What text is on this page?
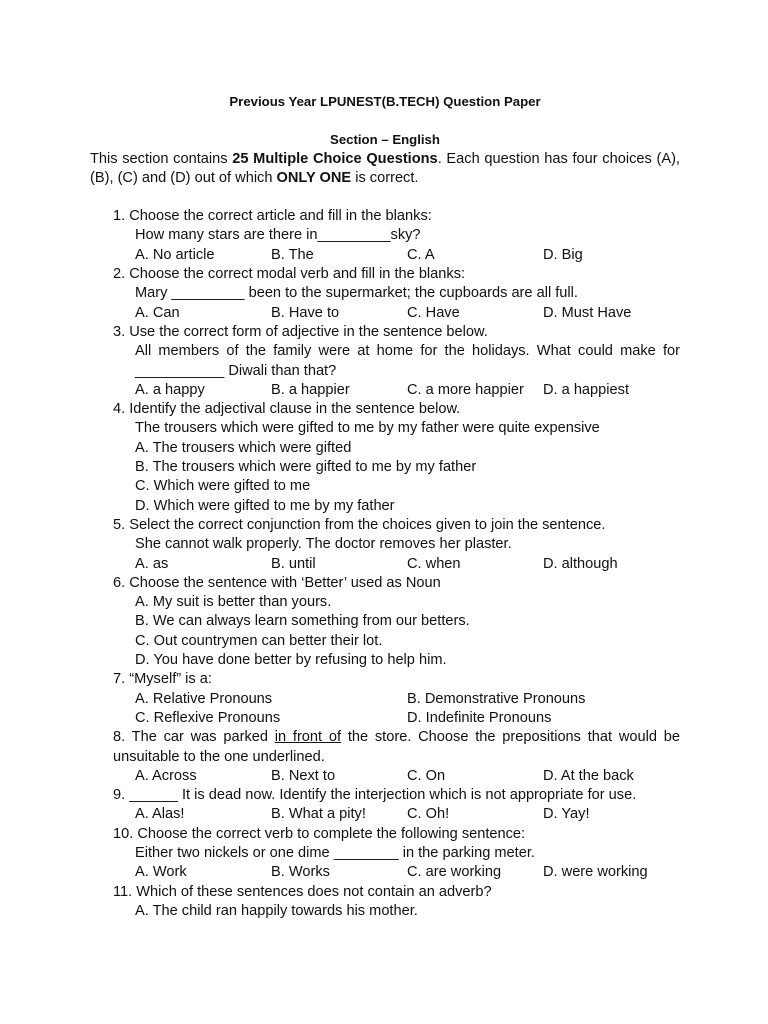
Previous Year LPUNEST(B.TECH) Question Paper
Section – English
This section contains 25 Multiple Choice Questions. Each question has four choices (A), (B), (C) and (D) out of which ONLY ONE is correct.
1. Choose the correct article and fill in the blanks:
How many stars are there in_________sky?
A. No article	B. The	C. A	D. Big
2. Choose the correct modal verb and fill in the blanks:
Mary _________ been to the supermarket; the cupboards are all full.
A. Can	B. Have to	C. Have	D. Must Have
3. Use the correct form of adjective in the sentence below.
All members of the family were at home for the holidays. What could make for ___________ Diwali than that?
A. a happy	B. a happier	C. a more happier	D. a happiest
4. Identify the adjectival clause in the sentence below.
The trousers which were gifted to me by my father were quite expensive
A. The trousers which were gifted
B. The trousers which were gifted to me by my father
C. Which were gifted to me
D. Which were gifted to me by my father
5. Select the correct conjunction from the choices given to join the sentence.
She cannot walk properly. The doctor removes her plaster.
A. as	B. until	C. when	D. although
6. Choose the sentence with ‘Better’ used as Noun
A. My suit is better than yours.
B. We can always learn something from our betters.
C. Out countrymen can better their lot.
D. You have done better by refusing to help him.
7. “Myself” is a:
A. Relative Pronouns	B. Demonstrative Pronouns
C. Reflexive Pronouns	D. Indefinite Pronouns
8. The car was parked in front of the store. Choose the prepositions that would be unsuitable to the one underlined.
A. Across	B. Next to	C. On	D. At the back
9. ______ It is dead now. Identify the interjection which is not appropriate for use.
A. Alas!	B. What a pity!	C. Oh!	D. Yay!
10. Choose the correct verb to complete the following sentence:
Either two nickels or one dime ________ in the parking meter.
A. Work	B. Works	C. are working	D. were working
11. Which of these sentences does not contain an adverb?
A. The child ran happily towards his mother.
